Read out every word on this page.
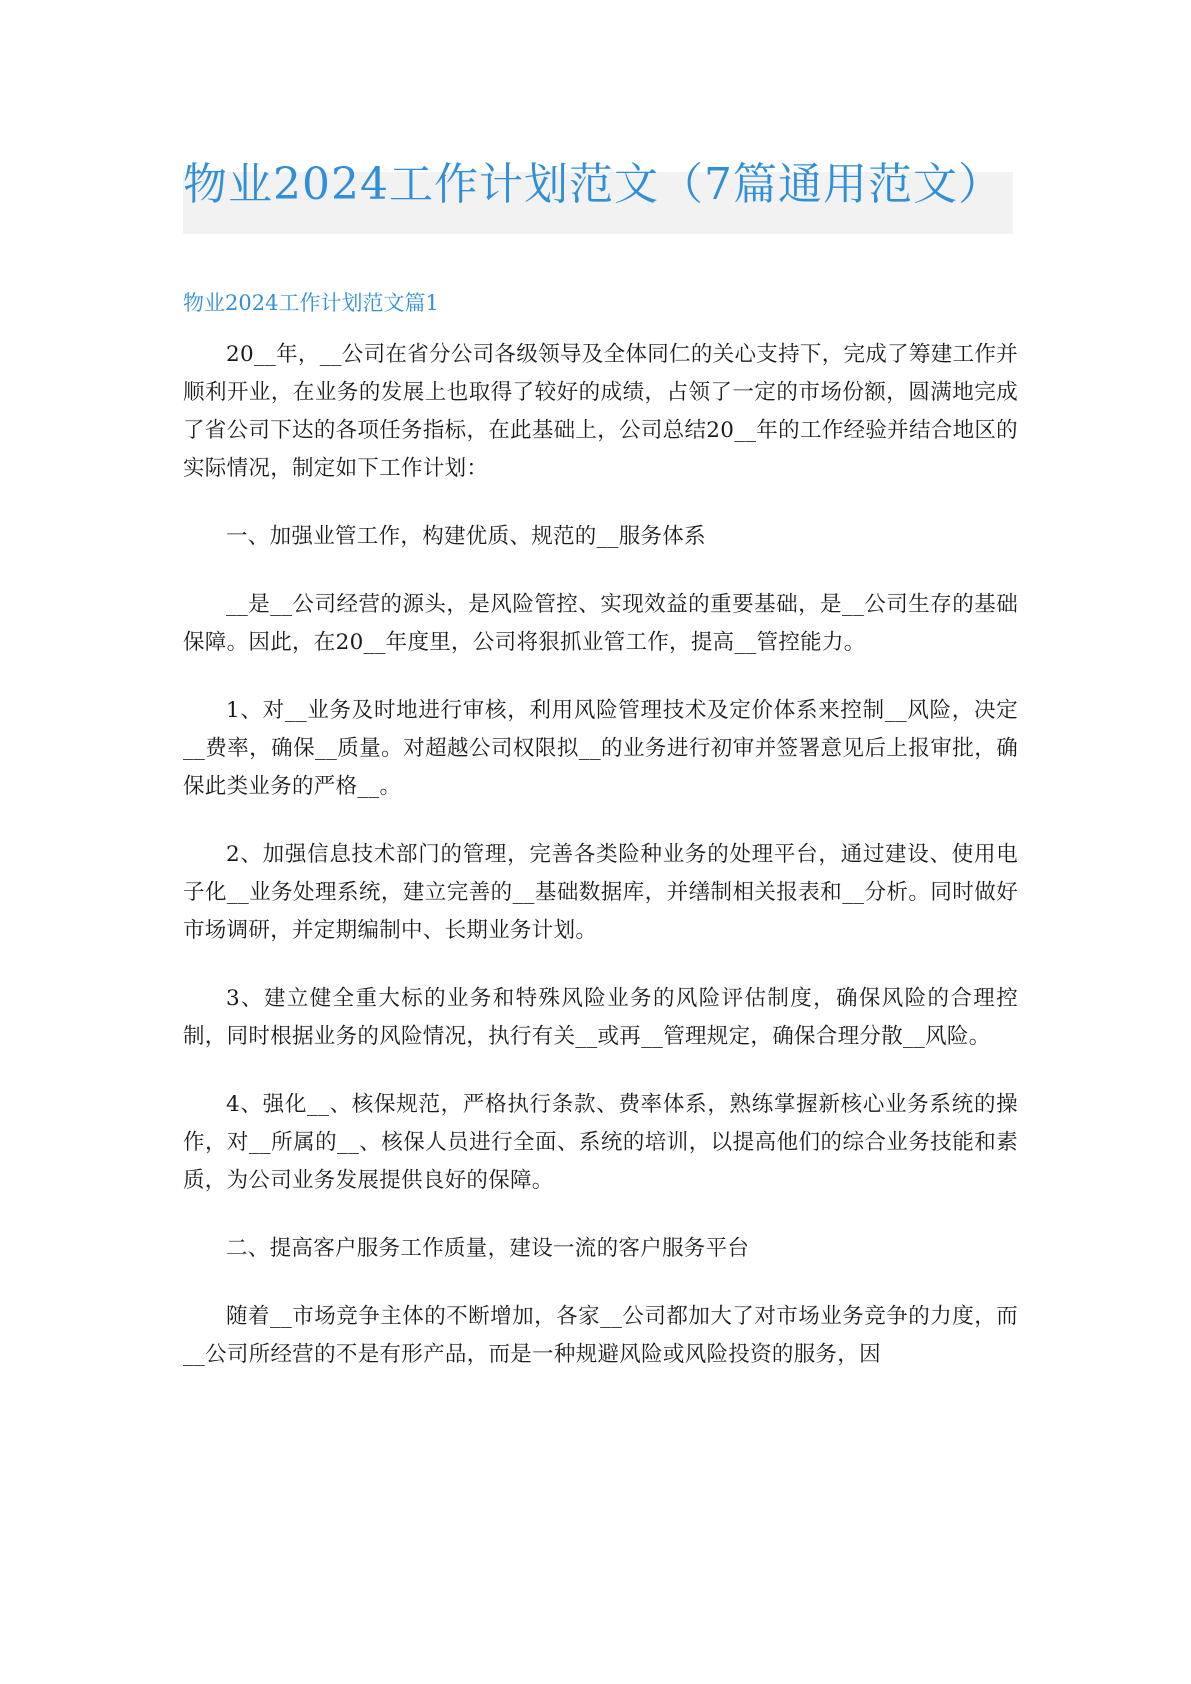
物业2024工作计划范文（7篇通用范文）
物业2024工作计划范文篇1

20__年，__公司在省分公司各级领导及全体同仁的关心支持下，完成了筹建工作并顺利开业，在业务的发展上也取得了较好的成绩，占领了一定的市场份额，圆满地完成了省公司下达的各项任务指标，在此基础上，公司总结20__年的工作经验并结合地区的实际情况，制定如下工作计划：

一、加强业管工作，构建优质、规范的__服务体系

__是__公司经营的源头，是风险管控、实现效益的重要基础，是__公司生存的基础保障。因此，在20__年度里，公司将狠抓业管工作，提高__管控能力。

1、对__业务及时地进行审核，利用风险管理技术及定价体系来控制__风险，决定__费率，确保__质量。对超越公司权限拟__的业务进行初审并签署意见后上报审批，确保此类业务的严格__。

2、加强信息技术部门的管理，完善各类险种业务的处理平台，通过建设、使用电子化__业务处理系统，建立完善的__基础数据库，并缮制相关报表和__分析。同时做好市场调研，并定期编制中、长期业务计划。

3、建立健全重大标的业务和特殊风险业务的风险评估制度，确保风险的合理控制，同时根据业务的风险情况，执行有关__或再__管理规定，确保合理分散__风险。

4、强化__、核保规范，严格执行条款、费率体系，熟练掌握新核心业务系统的操作，对__所属的__、核保人员进行全面、系统的培训，以提高他们的综合业务技能和素质，为公司业务发展提供良好的保障。

二、提高客户服务工作质量，建设一流的客户服务平台

随着__市场竞争主体的不断增加，各家__公司都加大了对市场业务竞争的力度，而__公司所经营的不是有形产品，而是一种规避风险或风险投资的服务，因
